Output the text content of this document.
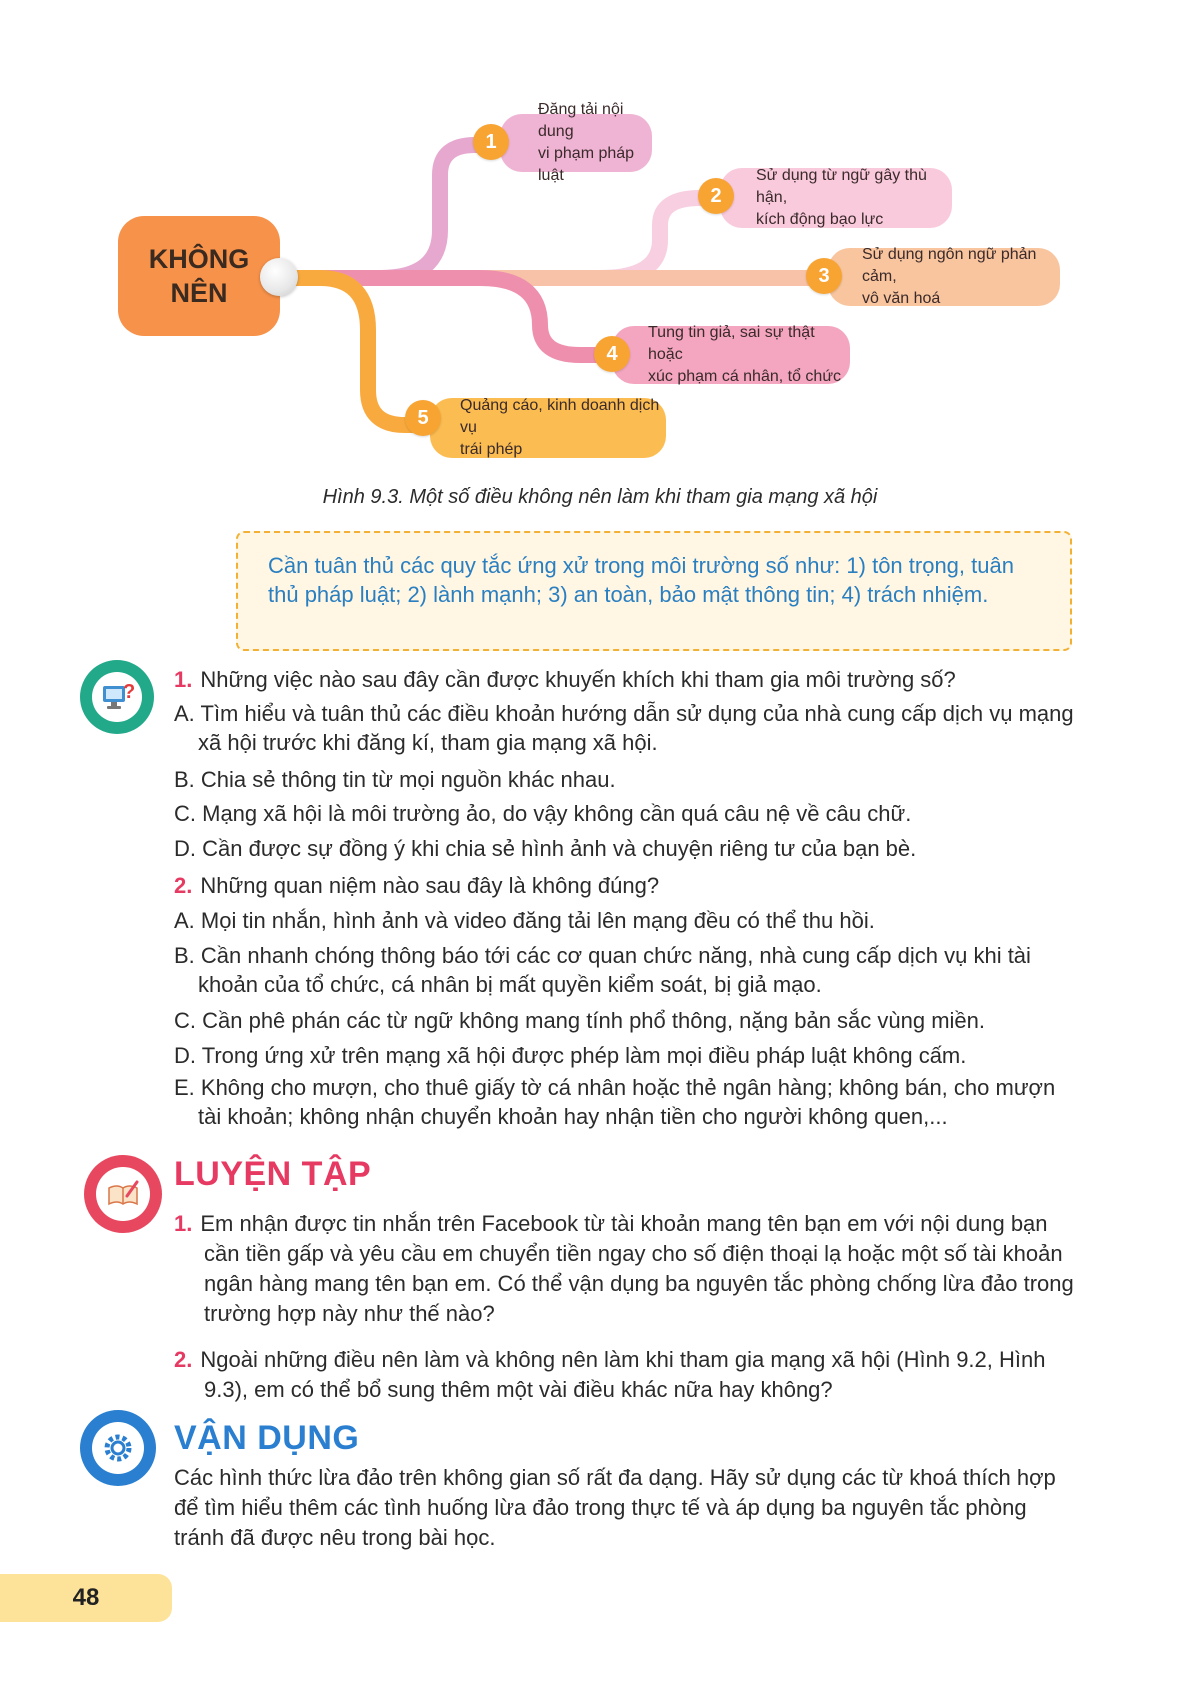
KHÔNG
NÊN
Đăng tải nội dung
vi phạm pháp luật
1
Sử dụng từ ngữ gây thù hận,
kích động bạo lực
2
Sử dụng ngôn ngữ phản cảm,
vô văn hoá
3
Tung tin giả, sai sự thật hoặc
xúc phạm cá nhân, tổ chức
4
Quảng cáo, kinh doanh dịch vụ
trái phép
5
Hình 9.3. Một số điều không nên làm khi tham gia mạng xã hội
Cần tuân thủ các quy tắc ứng xử trong môi trường số như: 1) tôn trọng, tuân thủ pháp luật; 2) lành mạnh; 3) an toàn, bảo mật thông tin; 4) trách nhiệm.
? 1. Những việc nào sau đây cần được khuyến khích khi tham gia môi trường số?
A. Tìm hiểu và tuân thủ các điều khoản hướng dẫn sử dụng của nhà cung cấp dịch vụ mạng xã hội trước khi đăng kí, tham gia mạng xã hội.
B. Chia sẻ thông tin từ mọi nguồn khác nhau.
C. Mạng xã hội là môi trường ảo, do vậy không cần quá câu nệ về câu chữ.
D. Cần được sự đồng ý khi chia sẻ hình ảnh và chuyện riêng tư của bạn bè.
2. Những quan niệm nào sau đây là không đúng?
A. Mọi tin nhắn, hình ảnh và video đăng tải lên mạng đều có thể thu hồi.
B. Cần nhanh chóng thông báo tới các cơ quan chức năng, nhà cung cấp dịch vụ khi tài khoản của tổ chức, cá nhân bị mất quyền kiểm soát, bị giả mạo.
C. Cần phê phán các từ ngữ không mang tính phổ thông, nặng bản sắc vùng miền.
D. Trong ứng xử trên mạng xã hội được phép làm mọi điều pháp luật không cấm.
E. Không cho mượn, cho thuê giấy tờ cá nhân hoặc thẻ ngân hàng; không bán, cho mượn tài khoản; không nhận chuyển khoản hay nhận tiền cho người không quen,...
LUYỆN TẬP
1. Em nhận được tin nhắn trên Facebook từ tài khoản mang tên bạn em với nội dung bạn cần tiền gấp và yêu cầu em chuyển tiền ngay cho số điện thoại lạ hoặc một số tài khoản ngân hàng mang tên bạn em. Có thể vận dụng ba nguyên tắc phòng chống lừa đảo trong trường hợp này như thế nào?
2. Ngoài những điều nên làm và không nên làm khi tham gia mạng xã hội (Hình 9.2, Hình 9.3), em có thể bổ sung thêm một vài điều khác nữa hay không?
VẬN DỤNG
Các hình thức lừa đảo trên không gian số rất đa dạng. Hãy sử dụng các từ khoá thích hợp để tìm hiểu thêm các tình huống lừa đảo trong thực tế và áp dụng ba nguyên tắc phòng tránh đã được nêu trong bài học.
48
